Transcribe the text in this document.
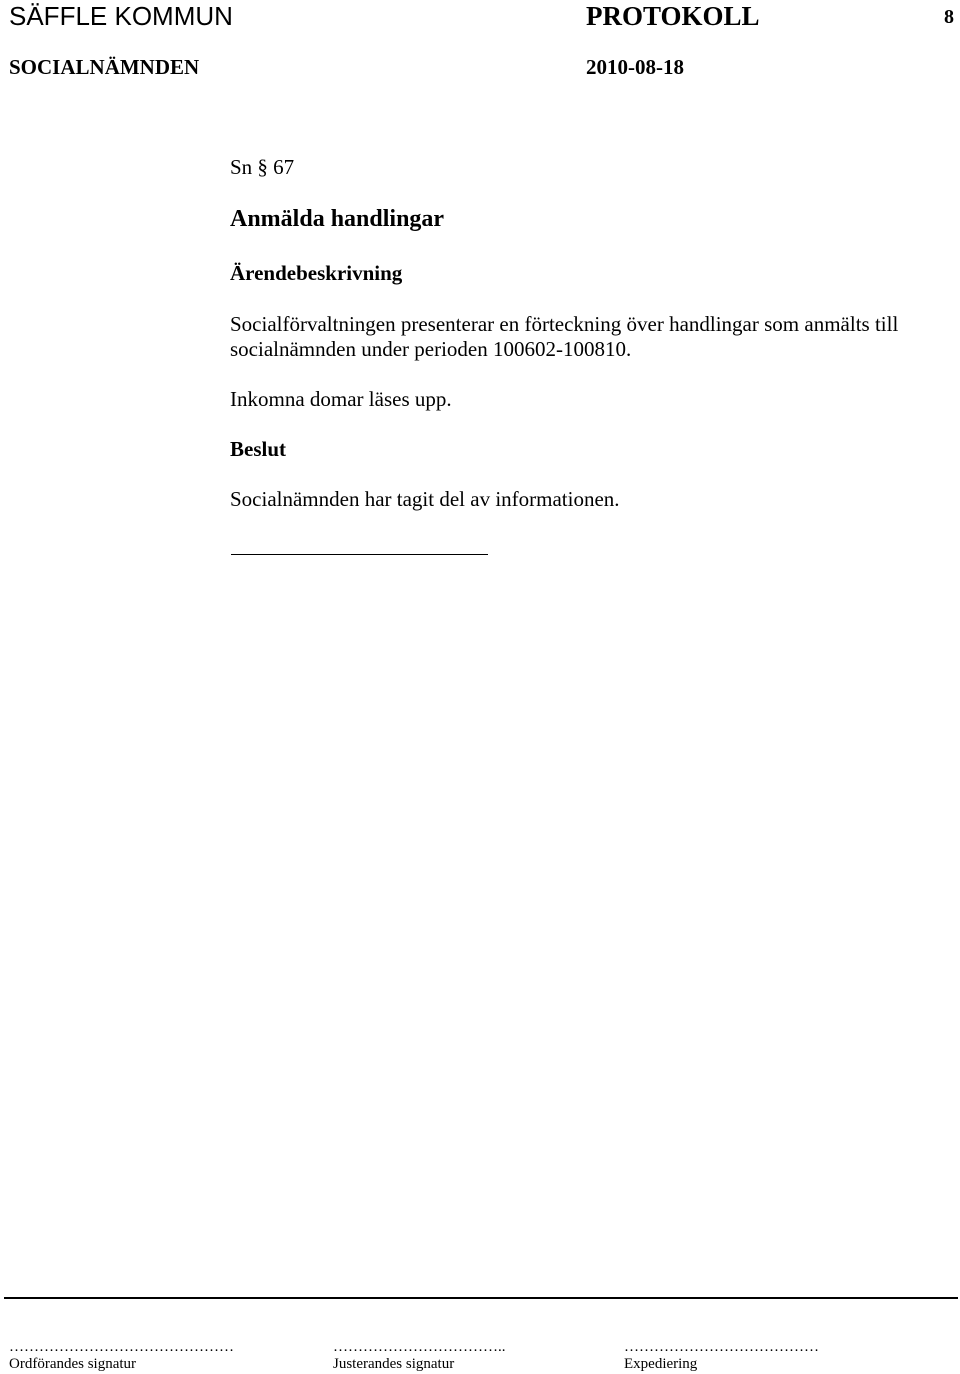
SÄFFLE KOMMUN	PROTOKOLL	8
SOCIALNÄMNDEN	2010-08-18
Sn § 67
Anmälda handlingar
Ärendebeskrivning
Socialförvaltningen presenterar en förteckning över handlingar som anmälts till
socialnämnden under perioden 100602-100810.
Inkomna domar läses upp.
Beslut
Socialnämnden har tagit del av informationen.
………………………………………	……………………………..	…………………………………
Ordförandes signatur	Justerandes signatur	Expediering
